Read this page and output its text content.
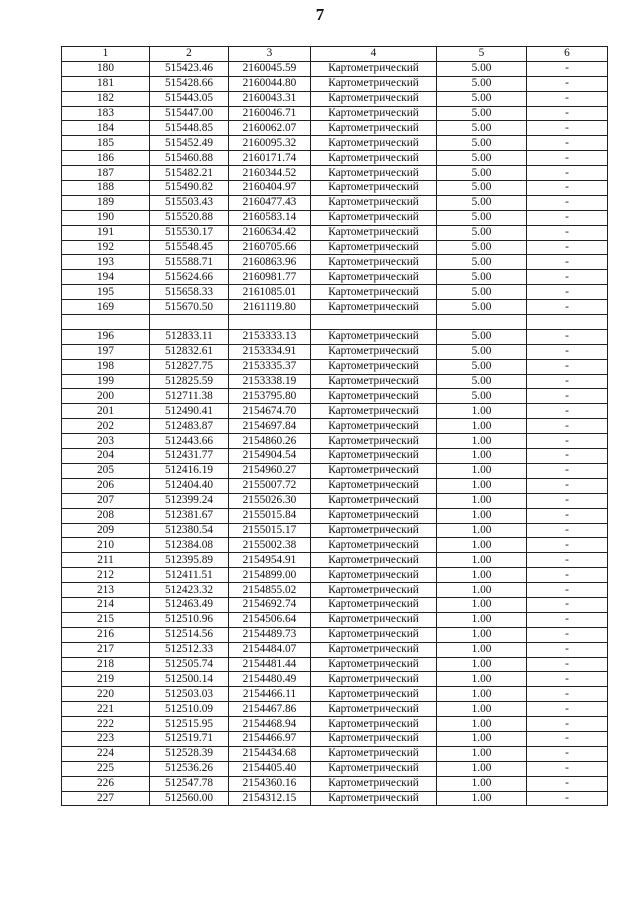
7
1	2	3	4	5	6
180	515423.46	2160045.59	Картометрический	5.00	-
181	515428.66	2160044.80	Картометрический	5.00	-
182	515443.05	2160043.31	Картометрический	5.00	-
183	515447.00	2160046.71	Картометрический	5.00	-
184	515448.85	2160062.07	Картометрический	5.00	-
185	515452.49	2160095.32	Картометрический	5.00	-
186	515460.88	2160171.74	Картометрический	5.00	-
187	515482.21	2160344.52	Картометрический	5.00	-
188	515490.82	2160404.97	Картометрический	5.00	-
189	515503.43	2160477.43	Картометрический	5.00	-
190	515520.88	2160583.14	Картометрический	5.00	-
191	515530.17	2160634.42	Картометрический	5.00	-
192	515548.45	2160705.66	Картометрический	5.00	-
193	515588.71	2160863.96	Картометрический	5.00	-
194	515624.66	2160981.77	Картометрический	5.00	-
195	515658.33	2161085.01	Картометрический	5.00	-
169	515670.50	2161119.80	Картометрический	5.00	-

196	512833.11	2153333.13	Картометрический	5.00	-
197	512832.61	2153334.91	Картометрический	5.00	-
198	512827.75	2153335.37	Картометрический	5.00	-
199	512825.59	2153338.19	Картометрический	5.00	-
200	512711.38	2153795.80	Картометрический	5.00	-
201	512490.41	2154674.70	Картометрический	1.00	-
202	512483.87	2154697.84	Картометрический	1.00	-
203	512443.66	2154860.26	Картометрический	1.00	-
204	512431.77	2154904.54	Картометрический	1.00	-
205	512416.19	2154960.27	Картометрический	1.00	-
206	512404.40	2155007.72	Картометрический	1.00	-
207	512399.24	2155026.30	Картометрический	1.00	-
208	512381.67	2155015.84	Картометрический	1.00	-
209	512380.54	2155015.17	Картометрический	1.00	-
210	512384.08	2155002.38	Картометрический	1.00	-
211	512395.89	2154954.91	Картометрический	1.00	-
212	512411.51	2154899.00	Картометрический	1.00	-
213	512423.32	2154855.02	Картометрический	1.00	-
214	512463.49	2154692.74	Картометрический	1.00	-
215	512510.96	2154506.64	Картометрический	1.00	-
216	512514.56	2154489.73	Картометрический	1.00	-
217	512512.33	2154484.07	Картометрический	1.00	-
218	512505.74	2154481.44	Картометрический	1.00	-
219	512500.14	2154480.49	Картометрический	1.00	-
220	512503.03	2154466.11	Картометрический	1.00	-
221	512510.09	2154467.86	Картометрический	1.00	-
222	512515.95	2154468.94	Картометрический	1.00	-
223	512519.71	2154466.97	Картометрический	1.00	-
224	512528.39	2154434.68	Картометрический	1.00	-
225	512536.26	2154405.40	Картометрический	1.00	-
226	512547.78	2154360.16	Картометрический	1.00	-
227	512560.00	2154312.15	Картометрический	1.00	-
